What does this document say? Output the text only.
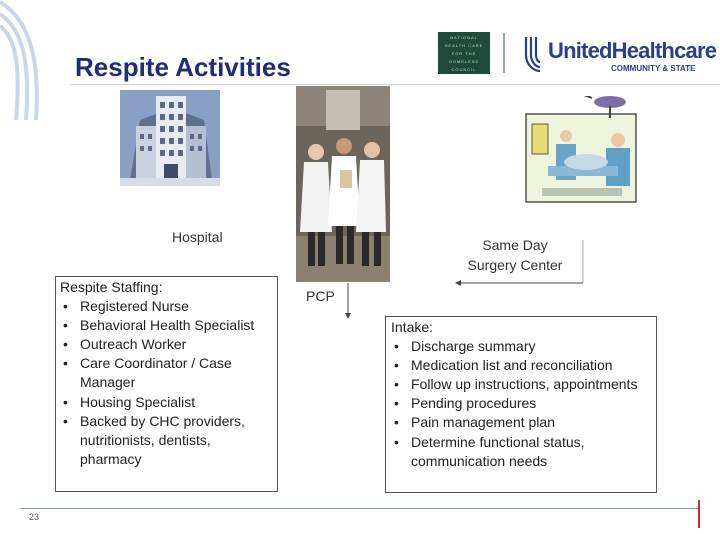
Respite Activities
NATIONAL
HEALTH CARE
FOR THE
HOMELESS
COUNCIL
UnitedHealthcare
COMMUNITY & STATE
Hospital	Same Day
Surgery Center
PCP
Respite Staffing:
• Registered Nurse
• Behavioral Health Specialist
• Outreach Worker
• Care Coordinator / Case Manager
• Housing Specialist
• Backed by CHC providers, nutritionists, dentists, pharmacy
Intake:
• Discharge summary
• Medication list and reconciliation
• Follow up instructions, appointments
• Pending procedures
• Pain management plan
• Determine functional status, communication needs
23
